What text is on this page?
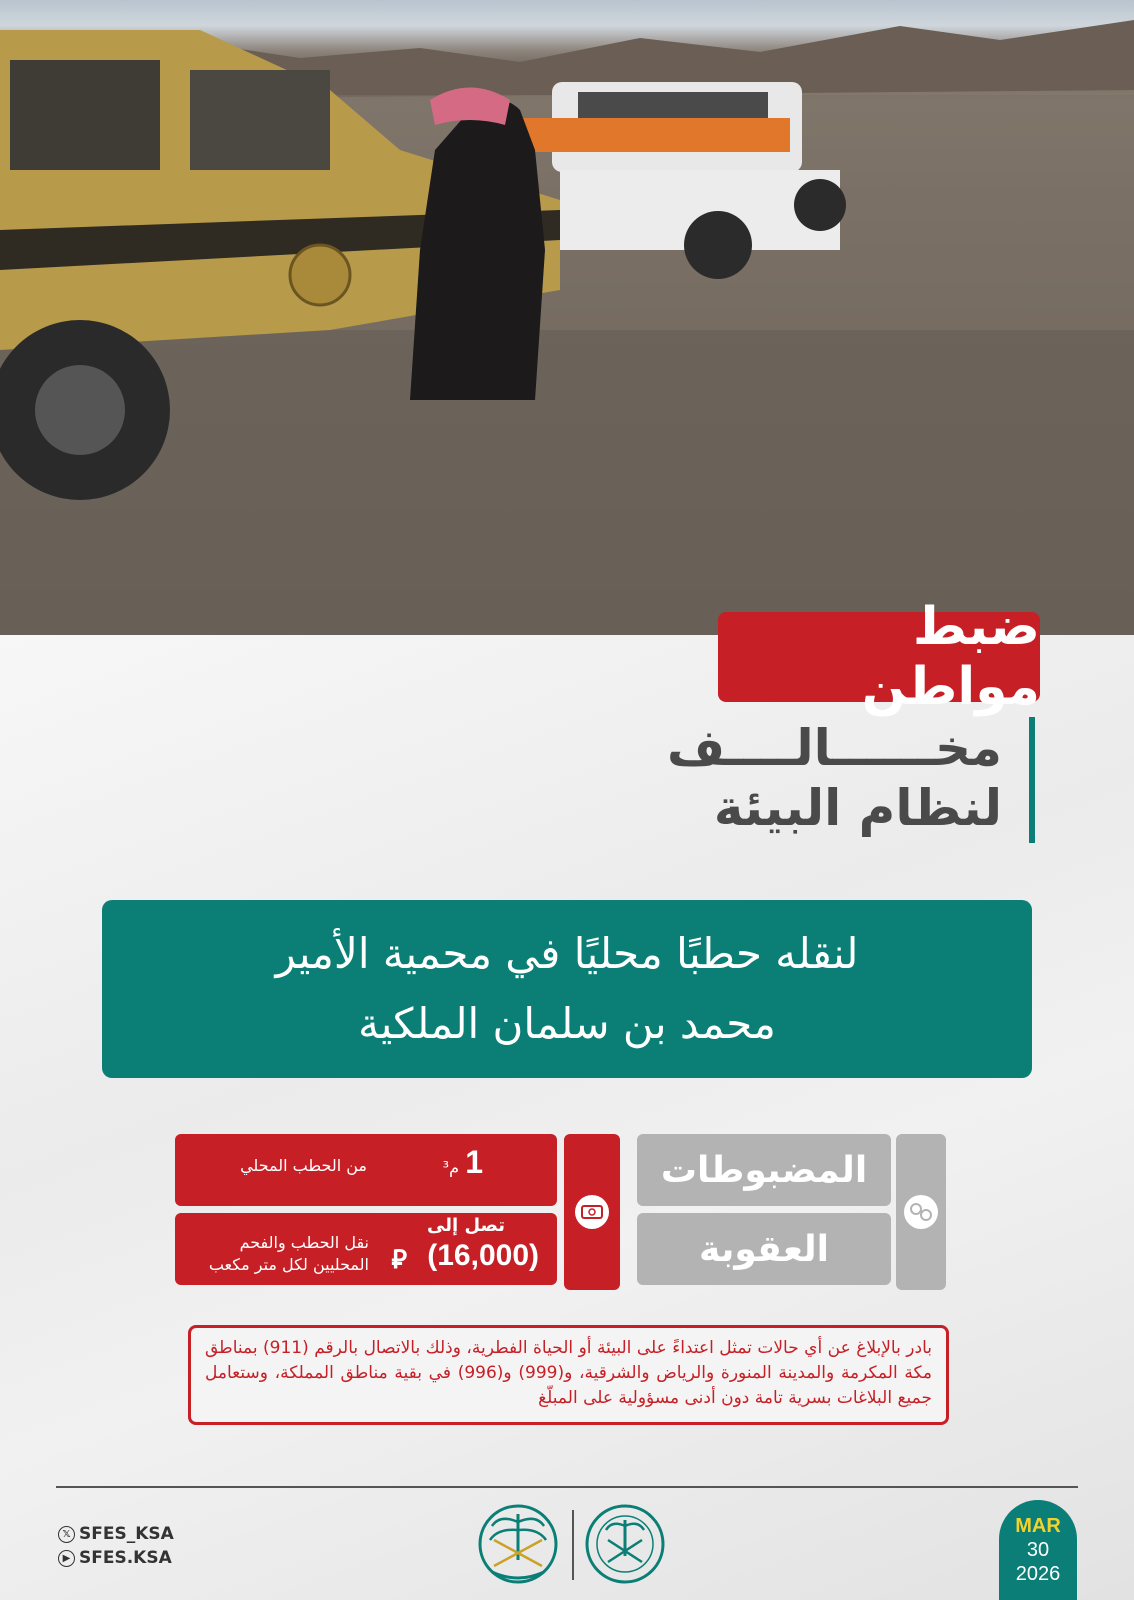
ضبط مواطن
مخــــــالــــف
لنظام البيئة
لنقله حطبًا محليًا في محمية الأمير
محمد بن سلمان الملكية
المضبوطات
العقوبة
1
م³
من الحطب المحلي
تصل إلى
(16,000)
⃁
نقل الحطب والفحم
المحليين لكل متر مكعب
بادر بالإبلاغ عن أي حالات تمثل اعتداءً على البيئة أو الحياة الفطرية، وذلك بالاتصال بالرقم (911) بمناطق مكة المكرمة والمدينة المنورة والرياض والشرقية، و(999) و(996) في بقية مناطق المملكة، وستعامل جميع البلاغات بسرية تامة دون أدنى مسؤولية على المبلّغ
𝕏 SFES_KSA
▶ SFES.KSA
MAR
30
2026
